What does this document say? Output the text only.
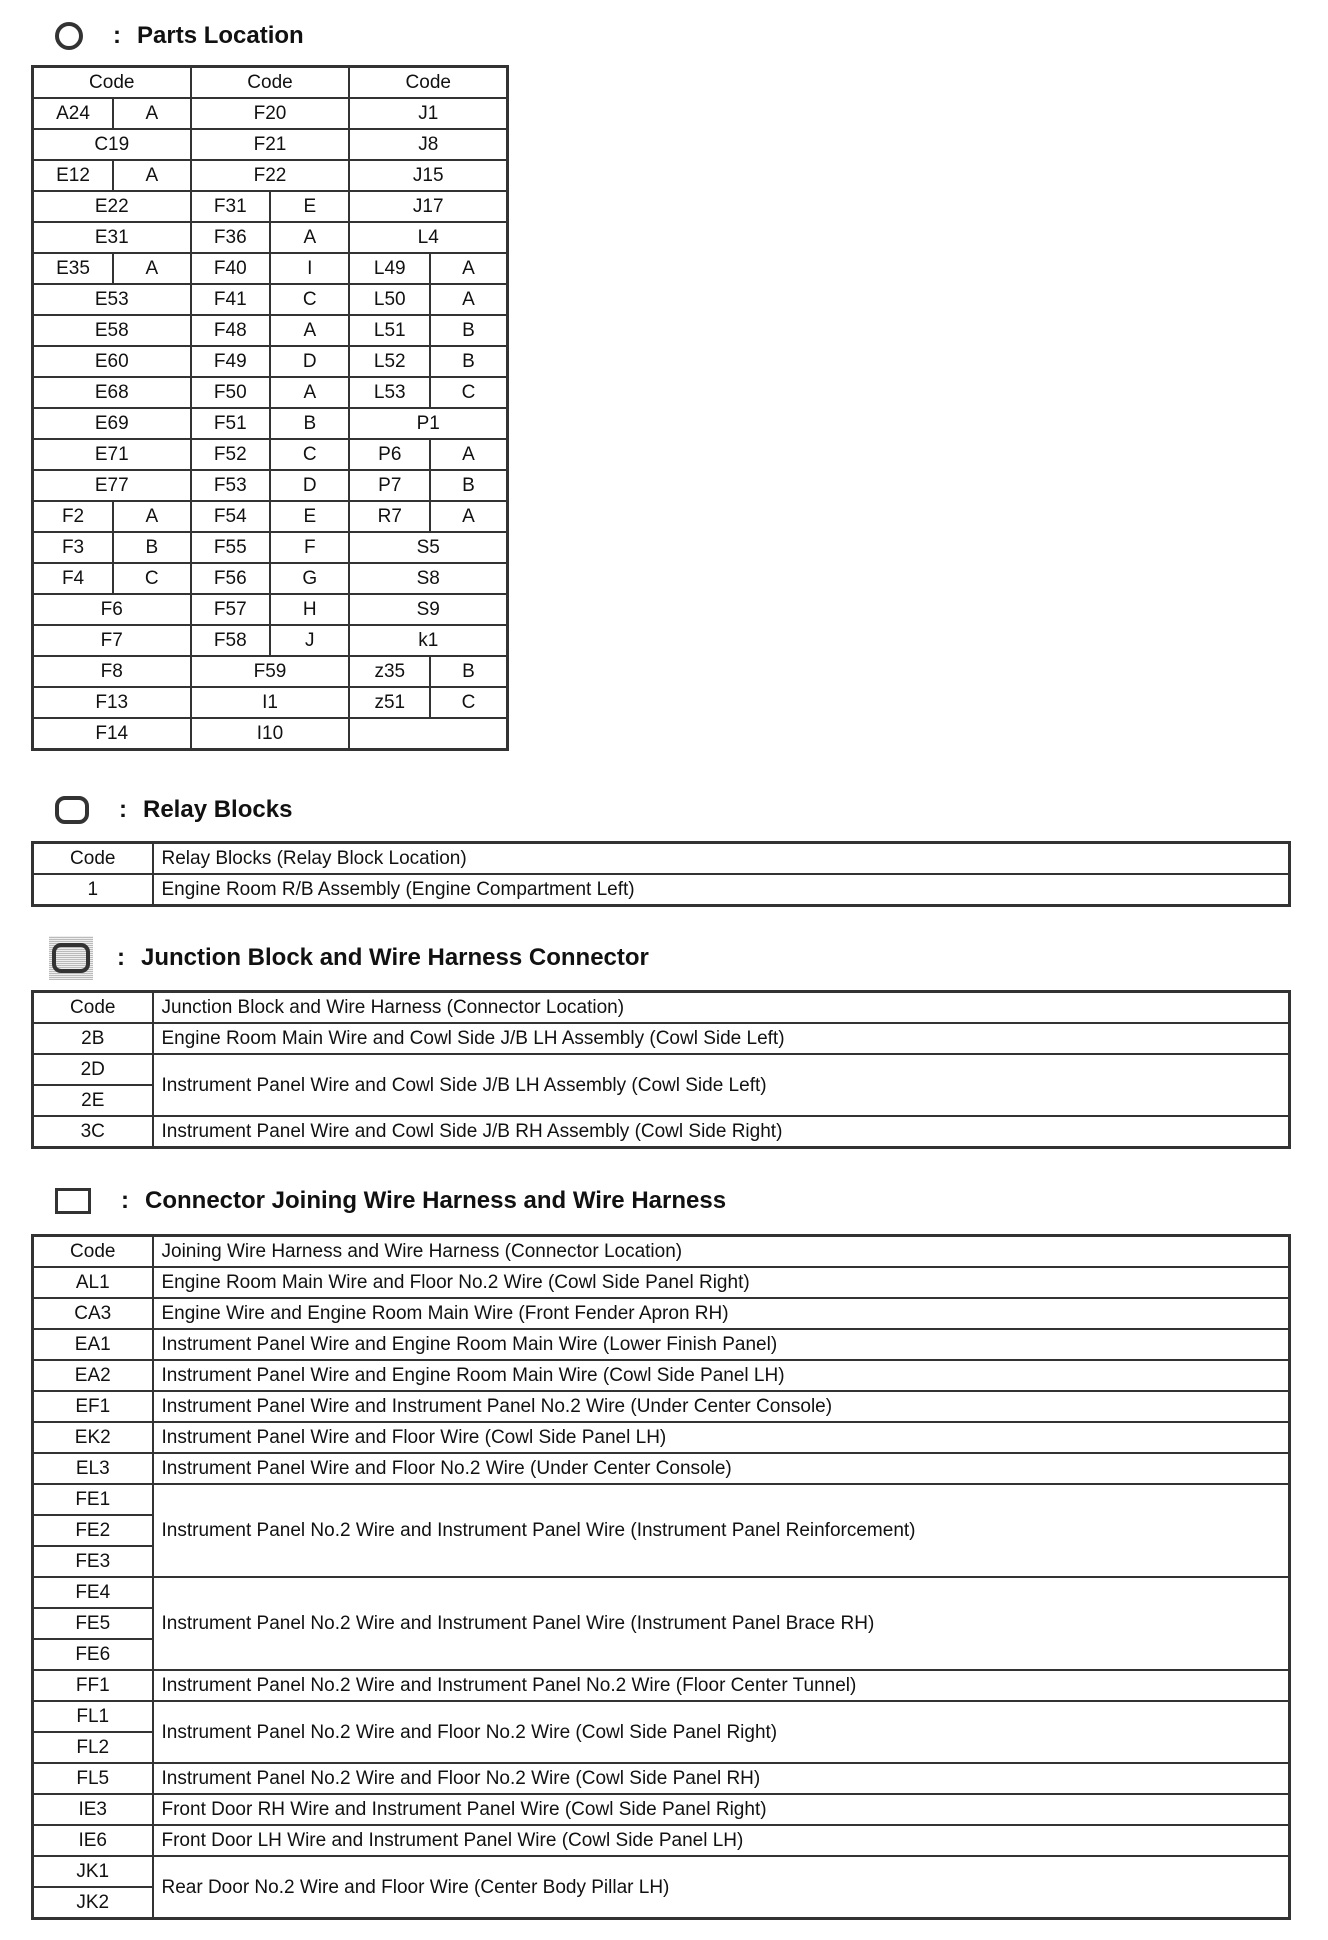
: Parts Location
Code		Code		Code	
A24	A	F20		J1	
C19		F21		J8	
E12	A	F22		J15	
E22		F31	E	J17	
E31		F36	A	L4	
E35	A	F40	I	L49	A
E53		F41	C	L50	A
E58		F48	A	L51	B
E60		F49	D	L52	B
E68		F50	A	L53	C
E69		F51	B	P1	
E71		F52	C	P6	A
E77		F53	D	P7	B
F2	A	F54	E	R7	A
F3	B	F55	F	S5	
F4	C	F56	G	S8	
F6		F57	H	S9	
F7		F58	J	k1	
F8		F59		z35	B
F13		I1		z51	C
F14		I10			
: Relay Blocks
Code	Relay Blocks (Relay Block Location)
1	Engine Room R/B Assembly (Engine Compartment Left)
: Junction Block and Wire Harness Connector
Code	Junction Block and Wire Harness (Connector Location)
2B	Engine Room Main Wire and Cowl Side J/B LH Assembly (Cowl Side Left)
2D	Instrument Panel Wire and Cowl Side J/B LH Assembly (Cowl Side Left)
2E	
3C	Instrument Panel Wire and Cowl Side J/B RH Assembly (Cowl Side Right)
: Connector Joining Wire Harness and Wire Harness
Code	Joining Wire Harness and Wire Harness (Connector Location)
AL1	Engine Room Main Wire and Floor No.2 Wire (Cowl Side Panel Right)
CA3	Engine Wire and Engine Room Main Wire (Front Fender Apron RH)
EA1	Instrument Panel Wire and Engine Room Main Wire (Lower Finish Panel)
EA2	Instrument Panel Wire and Engine Room Main Wire (Cowl Side Panel LH)
EF1	Instrument Panel Wire and Instrument Panel No.2 Wire (Under Center Console)
EK2	Instrument Panel Wire and Floor Wire (Cowl Side Panel LH)
EL3	Instrument Panel Wire and Floor No.2 Wire (Under Center Console)
FE1	Instrument Panel No.2 Wire and Instrument Panel Wire (Instrument Panel Reinforcement)
FE2	
FE3	
FE4	Instrument Panel No.2 Wire and Instrument Panel Wire (Instrument Panel Brace RH)
FE5	
FE6	
FF1	Instrument Panel No.2 Wire and Instrument Panel No.2 Wire (Floor Center Tunnel)
FL1	Instrument Panel No.2 Wire and Floor No.2 Wire (Cowl Side Panel Right)
FL2	
FL5	Instrument Panel No.2 Wire and Floor No.2 Wire (Cowl Side Panel RH)
IE3	Front Door RH Wire and Instrument Panel Wire (Cowl Side Panel Right)
IE6	Front Door LH Wire and Instrument Panel Wire (Cowl Side Panel LH)
JK1	Rear Door No.2 Wire and Floor Wire (Center Body Pillar LH)
JK2	
